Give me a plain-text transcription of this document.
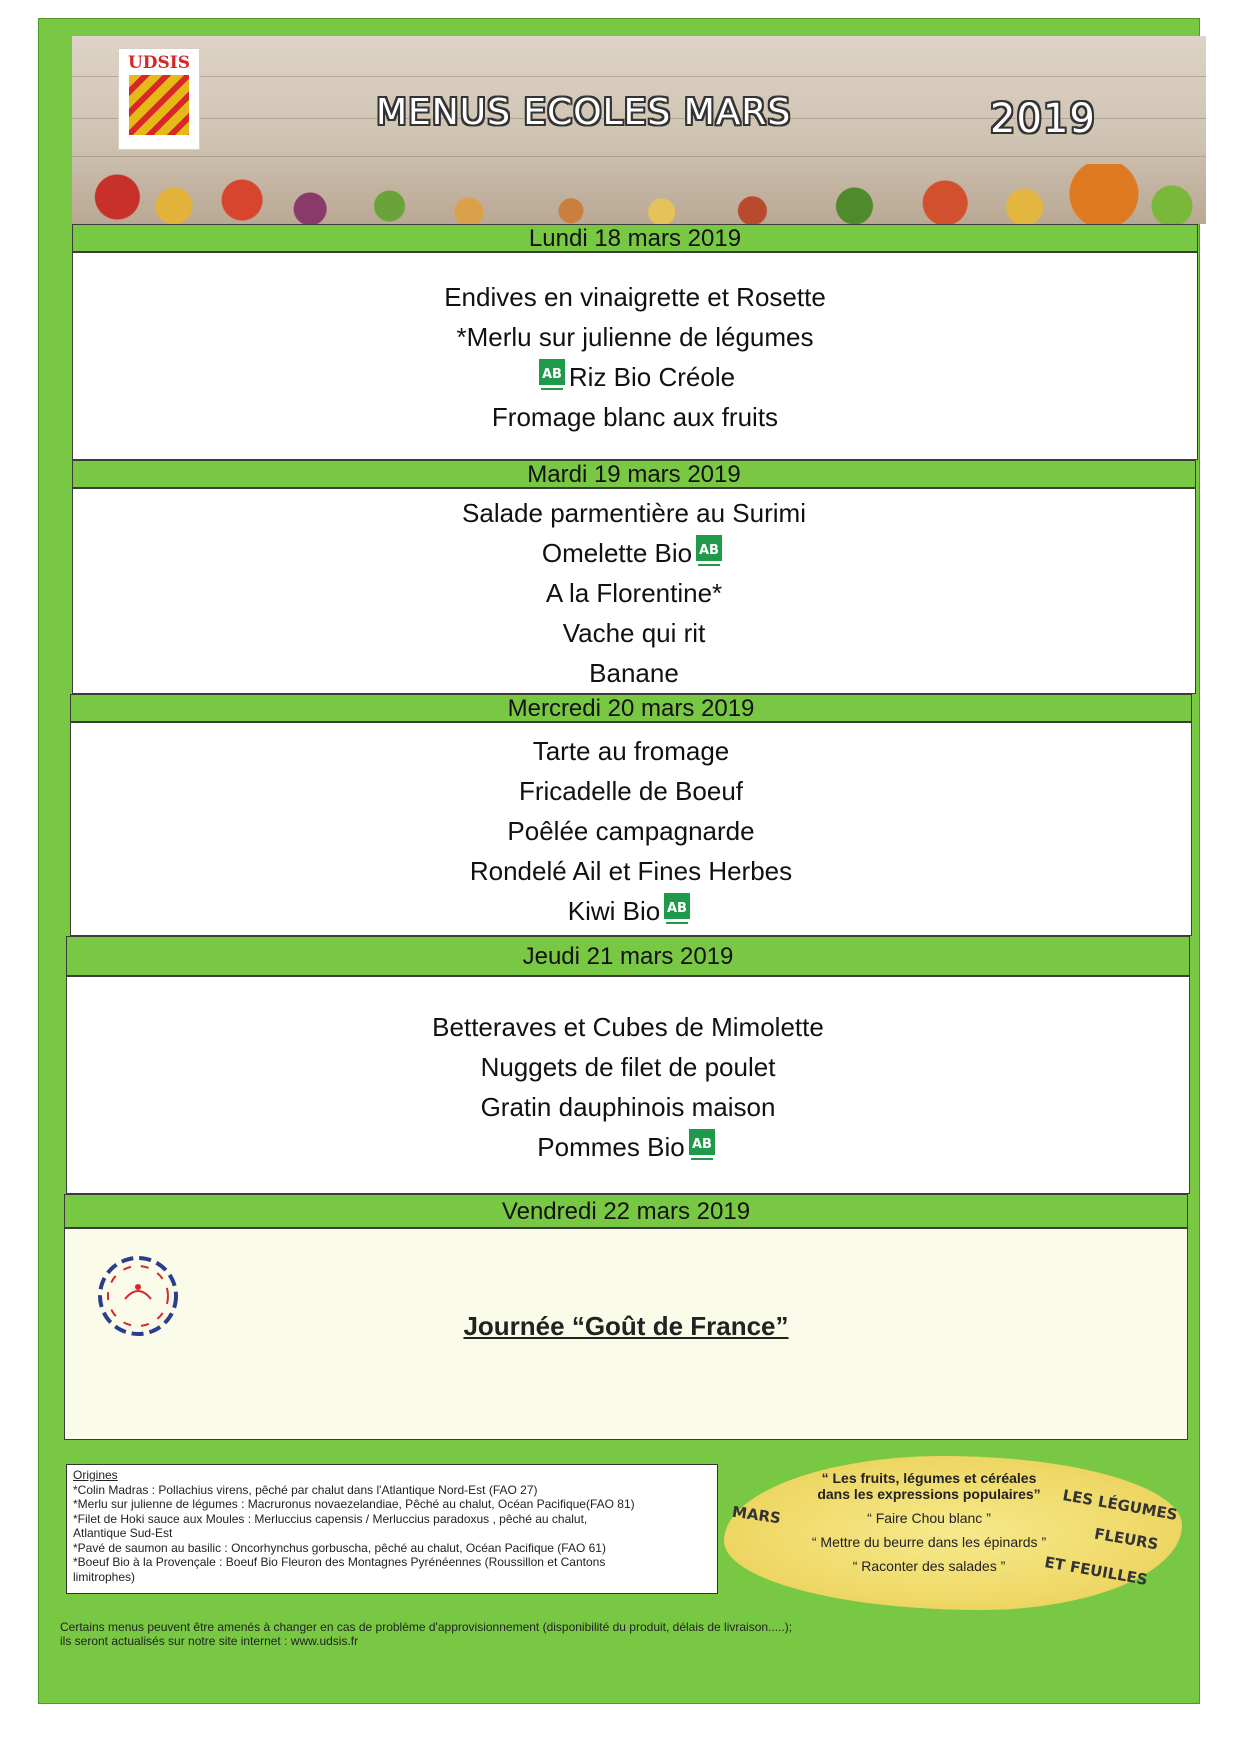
UDSIS
MENUS ECOLES MARS	2019
Lundi 18 mars 2019
Endives en vinaigrette et Rosette
*Merlu sur julienne de légumes
AB Riz Bio Créole
Fromage blanc aux fruits
Mardi 19 mars 2019
Salade parmentière au Surimi
Omelette Bio AB
A la Florentine*
Vache qui rit
Banane
Mercredi 20 mars 2019
Tarte au fromage
Fricadelle de Boeuf
Poêlée campagnarde
Rondelé Ail et Fines Herbes
Kiwi Bio AB
Jeudi 21 mars 2019
Betteraves et Cubes de Mimolette
Nuggets de filet de poulet
Gratin dauphinois maison
Pommes Bio AB
Vendredi 22 mars 2019
Journée “Goût de France”
Origines
*Colin Madras : Pollachius virens, pêché par chalut dans l'Atlantique Nord-Est (FAO 27)
*Merlu sur julienne de légumes : Macruronus novaezelandiae, Pêché au chalut, Océan Pacifique(FAO 81)
*Filet de Hoki sauce aux Moules : Merluccius capensis / Merluccius paradoxus , pêché au chalut,
Atlantique Sud-Est
*Pavé de saumon au basilic : Oncorhynchus gorbuscha, pêché au chalut, Océan Pacifique (FAO 61)
*Boeuf Bio à la Provençale : Boeuf Bio Fleuron des Montagnes Pyrénéennes (Roussillon et Cantons
limitrophes)
“ Les fruits, légumes et céréales
dans les expressions populaires”
MARS	LES LÉGUMES
FLEURS
ET FEUILLES
“ Faire Chou blanc ”
“ Mettre du beurre dans les épinards ”
“ Raconter des salades ”
Certains menus peuvent être amenés à changer en cas de problème d'approvisionnement (disponibilité du produit, délais de livraison.....);
ils seront actualisés sur notre site internet : www.udsis.fr
